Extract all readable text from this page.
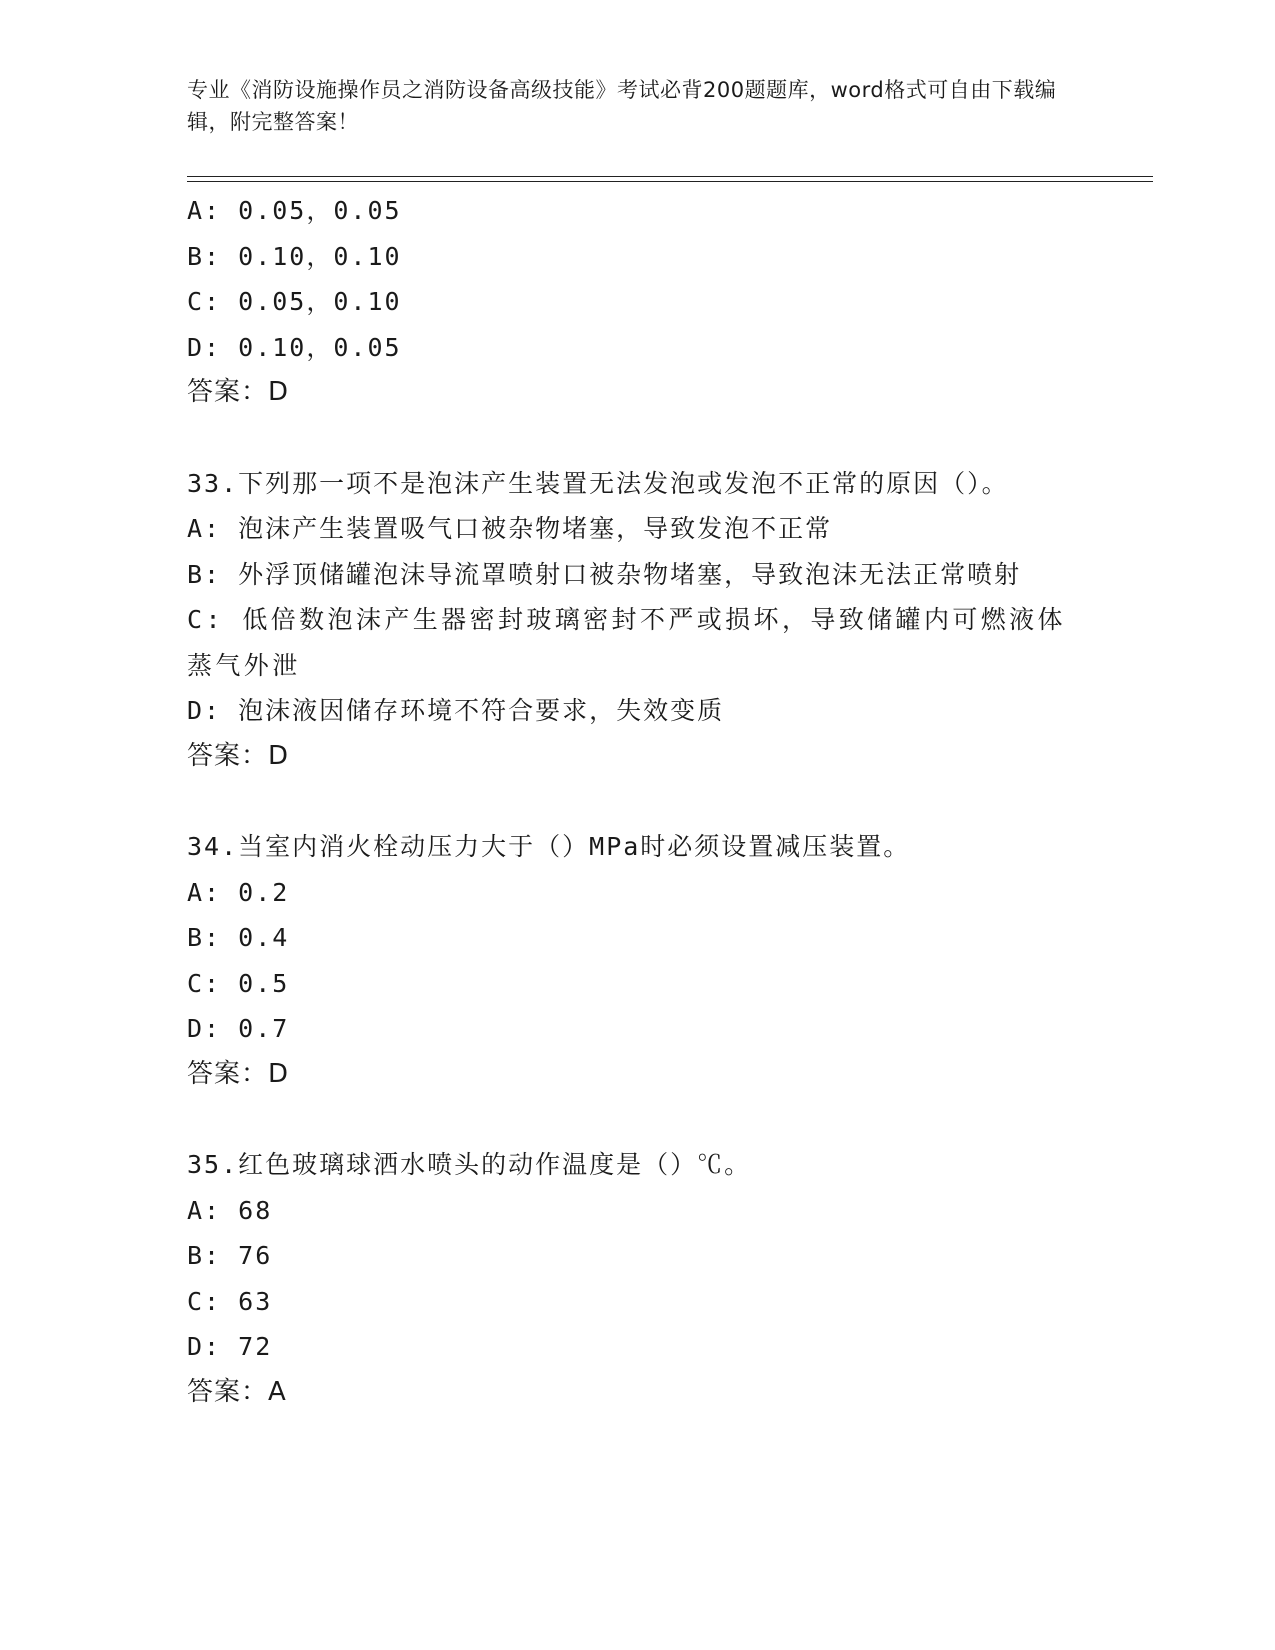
专业《消防设施操作员之消防设备高级技能》考试必背200题题库，word格式可自由下载编辑，附完整答案！

A: 0.05，0.05

B: 0.10，0.10

C: 0.05，0.10

D: 0.10，0.05

答案：D

33.下列那一项不是泡沫产生装置无法发泡或发泡不正常的原因（）。

A: 泡沫产生装置吸气口被杂物堵塞，导致发泡不正常

B: 外浮顶储罐泡沫导流罩喷射口被杂物堵塞，导致泡沫无法正常喷射

C: 低倍数泡沫产生器密封玻璃密封不严或损坏，导致储罐内可燃液体蒸气外泄

D: 泡沫液因储存环境不符合要求，失效变质

答案：D

34.当室内消火栓动压力大于（）MPa时必须设置减压装置。

A: 0.2

B: 0.4

C: 0.5

D: 0.7

答案：D

35.红色玻璃球洒水喷头的动作温度是（）℃。

A: 68

B: 76

C: 63

D: 72

答案：A
